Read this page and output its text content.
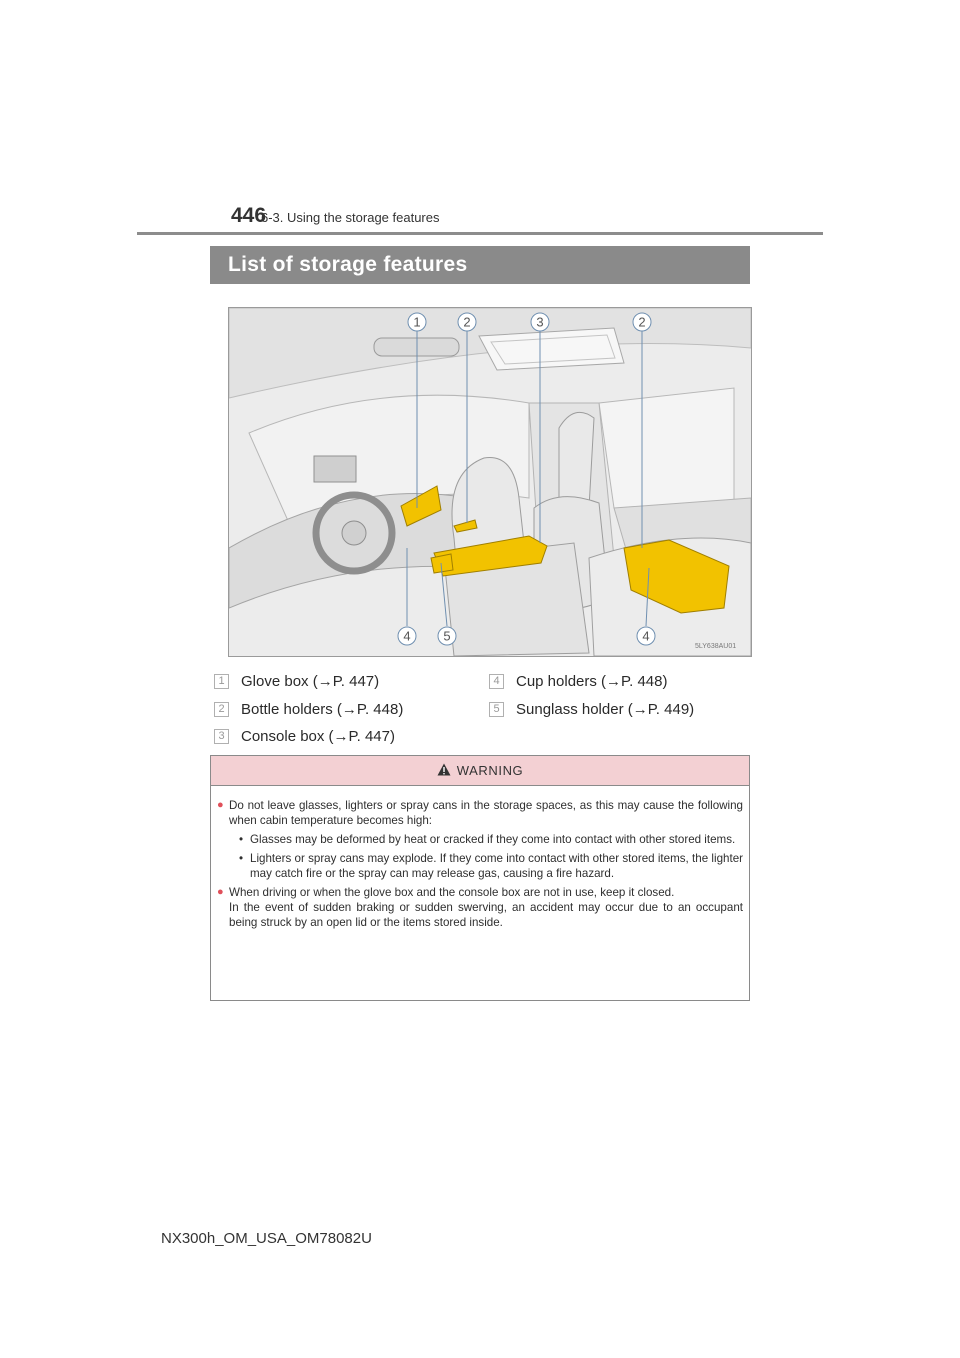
446
6-3. Using the storage features
List of storage features
1	2	3	2
4	5	4
5LY638AU01
1 Glove box (→P. 447)
2 Bottle holders (→P. 448)
3 Console box (→P. 447)
4 Cup holders (→P. 448)
5 Sunglass holder (→P. 449)
WARNING
● Do not leave glasses, lighters or spray cans in the storage spaces, as this may cause the following when cabin temperature becomes high:
• Glasses may be deformed by heat or cracked if they come into contact with other stored items.
• Lighters or spray cans may explode. If they come into contact with other stored items, the lighter may catch fire or the spray can may release gas, causing a fire hazard.
● When driving or when the glove box and the console box are not in use, keep it closed.
In the event of sudden braking or sudden swerving, an accident may occur due to an occupant being struck by an open lid or the items stored inside.
NX300h_OM_USA_OM78082U
